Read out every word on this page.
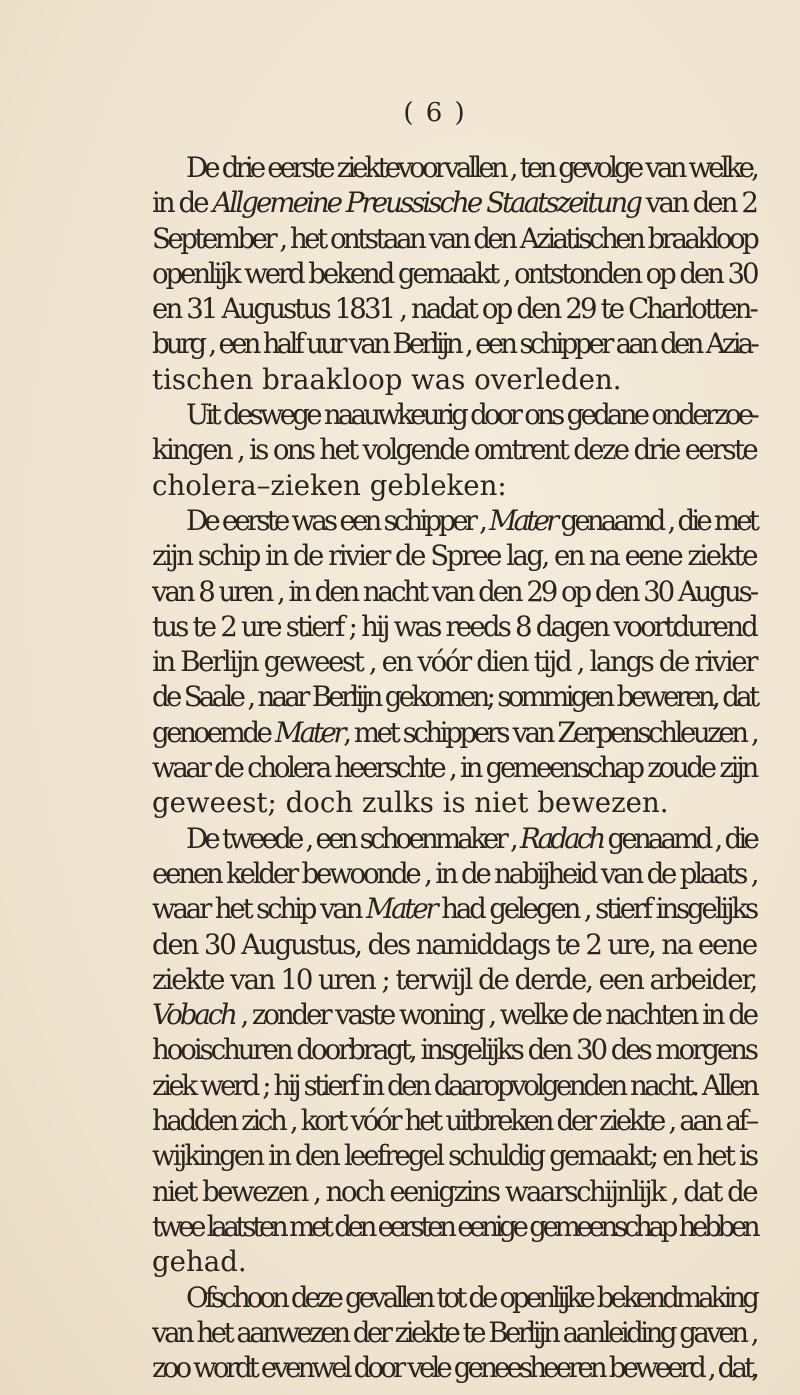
( 6 )
De drie eerste ziektevoorvallen , ten gevolge van welke,
in de Allgemeine Preussische Staatszeitung van den 2
September , het ontstaan van den Aziatischen braakloop
openlijk werd bekend gemaakt , ontstonden op den 30
en 31 Augustus 1831 , nadat op den 29 te Charlotten-
burg , een half uur van Berlijn , een schipper aan den Azia-
tischen braakloop was overleden.
Uit deswege naauwkeurig door ons gedane onderzoe-
kingen , is ons het volgende omtrent deze drie eerste
cholera–zieken gebleken:
De eerste was een schipper , Mater genaamd , die met
zijn schip in de rivier de Spree lag, en na eene ziekte
van 8 uren , in den nacht van den 29 op den 30 Augus-
tus te 2 ure stierf ; hij was reeds 8 dagen voortdurend
in Berlijn geweest , en vóór dien tijd , langs de rivier
de Saale , naar Berlijn gekomen; sommigen beweren, dat
genoemde Mater, met schippers van Zerpenschleuzen ,
waar de cholera heerschte , in gemeenschap zoude zijn
geweest; doch zulks is niet bewezen.
De tweede , een schoenmaker , Radach genaamd , die
eenen kelder bewoonde , in de nabijheid van de plaats ,
waar het schip van Mater had gelegen , stierf insgelijks
den 30 Augustus, des namiddags te 2 ure, na eene
ziekte van 10 uren ; terwijl de derde, een arbeider,
Vobach , zonder vaste woning , welke de nachten in de
hooischuren doorbragt, insgelijks den 30 des morgens
ziek werd ; hij stierf in den daaropvolgenden nacht. Allen
hadden zich , kort vóór het uitbreken der ziekte , aan af–
wijkingen in den leefregel schuldig gemaakt; en het is
niet bewezen , noch eenigzins waarschijnlijk , dat de
twee laatsten met den eersten eenige gemeenschap hebben
gehad.
Ofschoon deze gevallen tot de openlijke bekendmaking
van het aanwezen der ziekte te Berlijn aanleiding gaven ,
zoo wordt evenwel door vele geneesheeren beweerd , dat,
